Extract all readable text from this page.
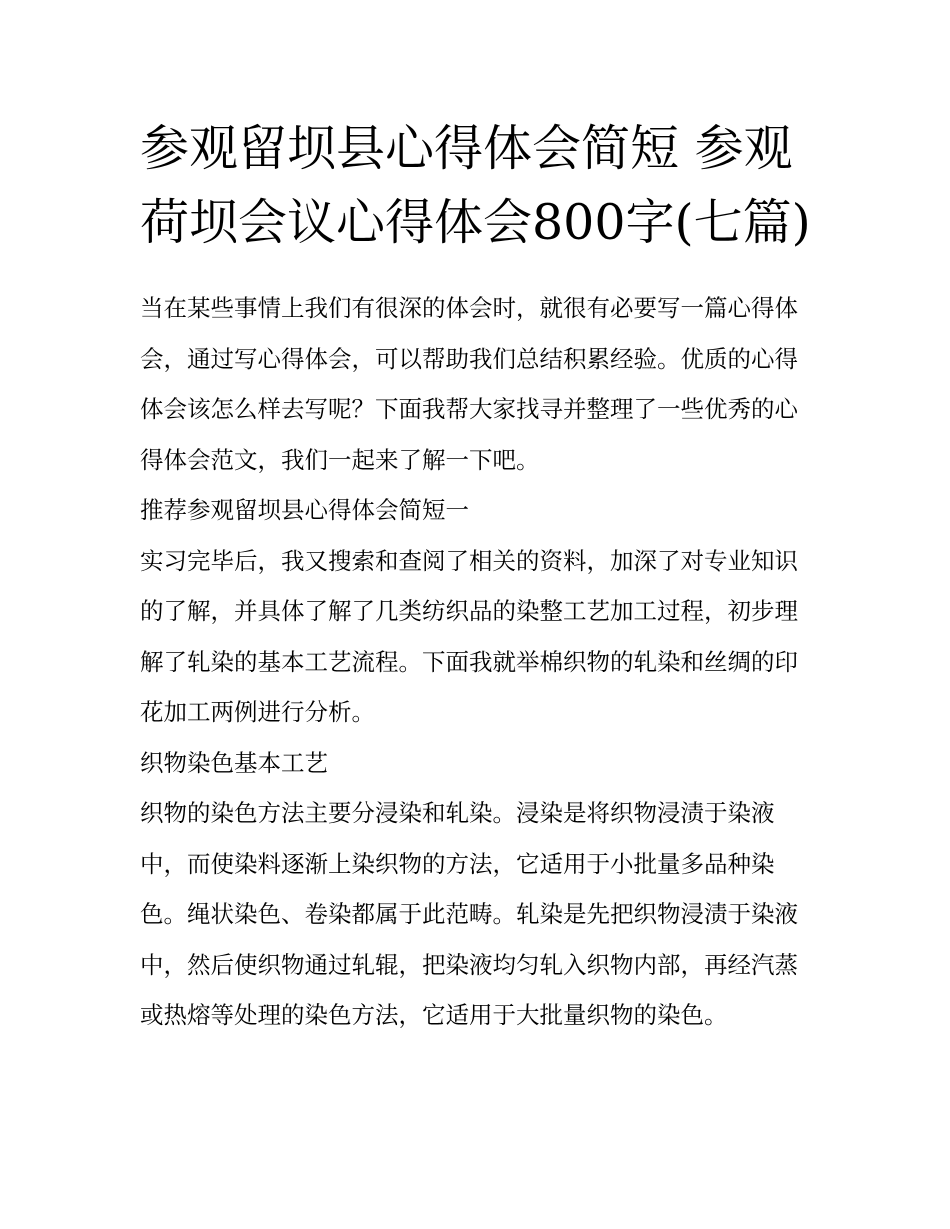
参观留坝县心得体会简短 参观荷坝会议心得体会800字(七篇)

当在某些事情上我们有很深的体会时，就很有必要写一篇心得体会，通过写心得体会，可以帮助我们总结积累经验。优质的心得体会该怎么样去写呢？下面我帮大家找寻并整理了一些优秀的心得体会范文，我们一起来了解一下吧。

推荐参观留坝县心得体会简短一

实习完毕后，我又搜索和查阅了相关的资料，加深了对专业知识的了解，并具体了解了几类纺织品的染整工艺加工过程，初步理解了轧染的基本工艺流程。下面我就举棉织物的轧染和丝绸的印花加工两例进行分析。

织物染色基本工艺

织物的染色方法主要分浸染和轧染。浸染是将织物浸渍于染液中，而使染料逐渐上染织物的方法，它适用于小批量多品种染色。绳状染色、卷染都属于此范畴。轧染是先把织物浸渍于染液中，然后使织物通过轧辊，把染液均匀轧入织物内部，再经汽蒸或热熔等处理的染色方法，它适用于大批量织物的染色。
